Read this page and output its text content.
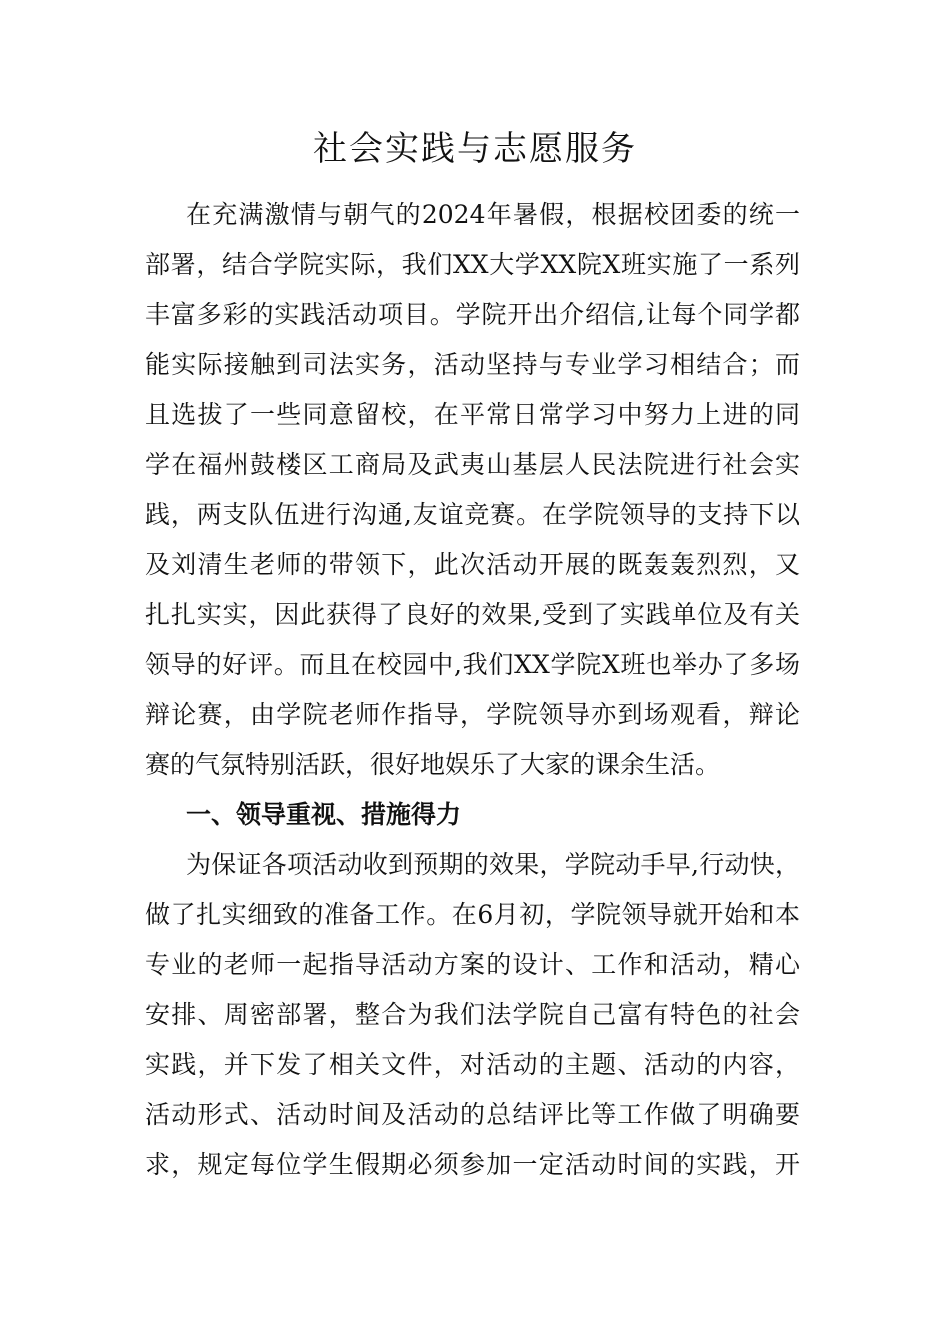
社会实践与志愿服务
在充满激情与朝气的2024年暑假，根据校团委的统一
部署，结合学院实际，我们XX大学XX院X班实施了一系列
丰富多彩的实践活动项目。学院开出介绍信,让每个同学都
能实际接触到司法实务，活动坚持与专业学习相结合；而
且选拔了一些同意留校，在平常日常学习中努力上进的同
学在福州鼓楼区工商局及武夷山基层人民法院进行社会实
践，两支队伍进行沟通,友谊竞赛。在学院领导的支持下以
及刘清生老师的带领下，此次活动开展的既轰轰烈烈，又
扎扎实实，因此获得了良好的效果,受到了实践单位及有关
领导的好评。而且在校园中,我们XX学院X班也举办了多场
辩论赛，由学院老师作指导，学院领导亦到场观看，辩论
赛的气氛特别活跃，很好地娱乐了大家的课余生活。
一、领导重视、措施得力
为保证各项活动收到预期的效果，学院动手早,行动快，
做了扎实细致的准备工作。在6月初，学院领导就开始和本
专业的老师一起指导活动方案的设计、工作和活动，精心
安排、周密部署，整合为我们法学院自己富有特色的社会
实践，并下发了相关文件，对活动的主题、活动的内容，
活动形式、活动时间及活动的总结评比等工作做了明确要
求，规定每位学生假期必须参加一定活动时间的实践，开
